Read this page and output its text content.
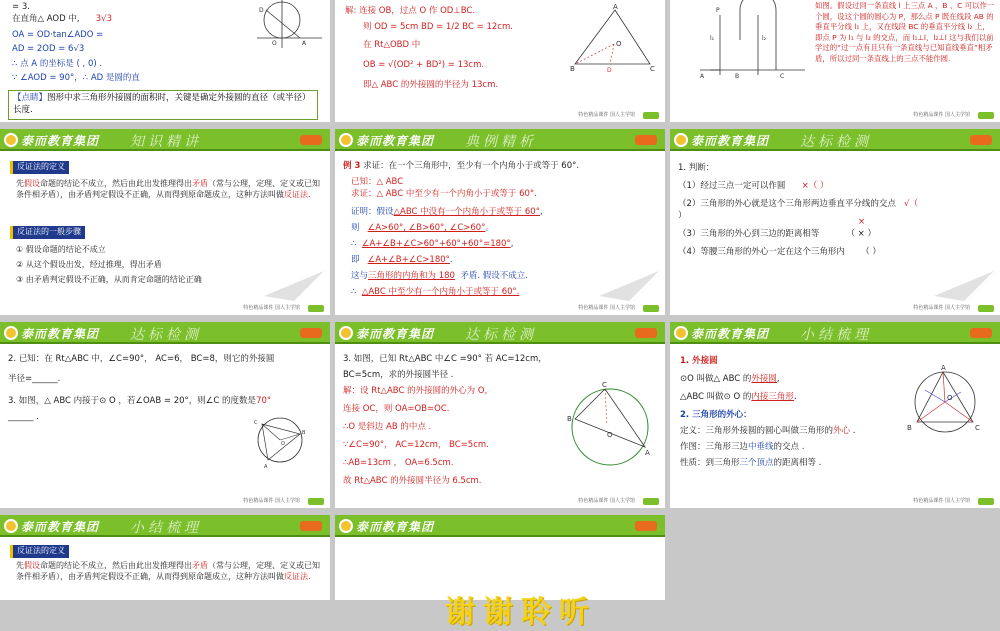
= 3.
在直角△ AOD 中, 3√3
OA = OD·tan∠ADO =
AD = 2OD = 6√3
∴ 点 A 的坐标是 ( , 0) .
∵ ∠AOD = 90°，∴ AD 是圆的直
D
A
O
【点睛】图形中求三角形外接圆的面积时，关键是确定外接圆的直径（或半径）长度.
解: 连接 OB，过点 O 作 OD⊥BC.
则 OD = 5cm BD = 1/2 BC = 12cm.
在 Rt△OBD 中
OB = √(OD² + BD²) = 13cm.
即△ ABC 的外接圆的半径为 13cm.
A
B	C
O
D
特色精品课件 国人主学馆
P
l₁	l₂
A	B	C
如图。假设过同一条直线 l 上三点 A 、B 、C 可以作一个圆，设这个圆的圆心为 P，那么点 P 既在线段 AB 的垂直平分线 l₁ 上，又在线段 BC 的垂直平分线 l₂ 上，即点 P 为 l₁ 与 l₂ 的交点，而 l₁⊥l，l₂⊥l 这与我们以前学过的“过一点有且只有一条直线与已知直线垂直”相矛盾，所以过同一条直线上的三点不能作圆.
特色精品课件 国人主学馆
泰而教育集团 知识精讲
反证法的定义
先假设命题的结论不成立，然后由此出发推理得出矛盾（常与公理，定理、定义或已知条件相矛盾），由矛盾判定假设不正确，从而得到原命题成立，这种方法叫做反证法.
反证法的一般步骤
① 假设命题的结论不成立
② 从这个假设出发，经过推理，得出矛盾
③ 由矛盾判定假设不正确，从而肯定命题的结论正确
特色精品课件 国人主学馆
泰而教育集团 典例精析
例 3 求证：在一个三角形中，至少有一个内角小于或等于 60°.
已知：△ ABC
求证：△ ABC 中至少有一个内角小于或等于 60°.
证明：假设△ABC 中没有一个内角小于或等于 60°,
则 ∠A>60°, ∠B>60°, ∠C>60°。
∴ ∠A+∠B+∠C>60°+60°+60°=180°,
即 ∠A+∠B+∠C>180°.
这与三角形的内角和为 180 矛盾. 假设不成立.
∴ △ABC 中至少有一个内角小于或等于 60°.
特色精品课件 国人主学馆
泰而教育集团 达标检测
1. 判断：
（1）经过三点一定可以作圆 ×（ ）
（2）三角形的外心就是这个三角形两边垂直平分线的交点 √（
）
（3）三角形的外心到三边的距离相等	（ × ）
×
（4）等腰三角形的外心一定在这个三角形内 （ ）
特色精品课件 国人主学馆
泰而教育集团 达标检测
2. 已知：在 Rt△ABC 中，∠C=90°， AC=6， BC=8，则它的外接圆
半径=______.
3. 如图，△ ABC 内接于⊙ O ，若∠OAB = 20°，则∠C 的度数是70°
______ .
C
B
A
O
特色精品课件 国人主学馆
泰而教育集团 达标检测
3. 如图，已知 Rt△ABC 中∠C =90° 若 AC=12cm，
BC=5cm，求的外接圆半径 .
解：设 Rt△ABC 的外接圆的外心为 O，
连接 OC，则 OA=OB=OC.
∴O 是斜边 AB 的中点 .
∵∠C=90°， AC=12cm， BC=5cm.
∴AB=13cm ， OA=6.5cm.
故 Rt△ABC 的外接圆半径为 6.5cm.
C
B
O
A
特色精品课件 国人主学馆
泰而教育集团 小结梳理
1. 外接圆
⊙O 叫做△ ABC 的外接圆,
△ABC 叫做⊙ O 的内接三角形.
2. 三角形的外心：
定义：三角形外接圆的圆心叫做三角形的外心 .
作图：三角形三边中垂线的交点 .
性质：到三角形三个顶点的距离相等 .
A
B	C
O
特色精品课件 国人主学馆
泰而教育集团 小结梳理
反证法的定义
先假设命题的结论不成立，然后由此出发推理得出矛盾（常与公理，定理、定义或已知条件相矛盾），由矛盾判定假设不正确，从而得到原命题成立，这种方法叫做反证法.
泰而教育集团
谢谢聆听
